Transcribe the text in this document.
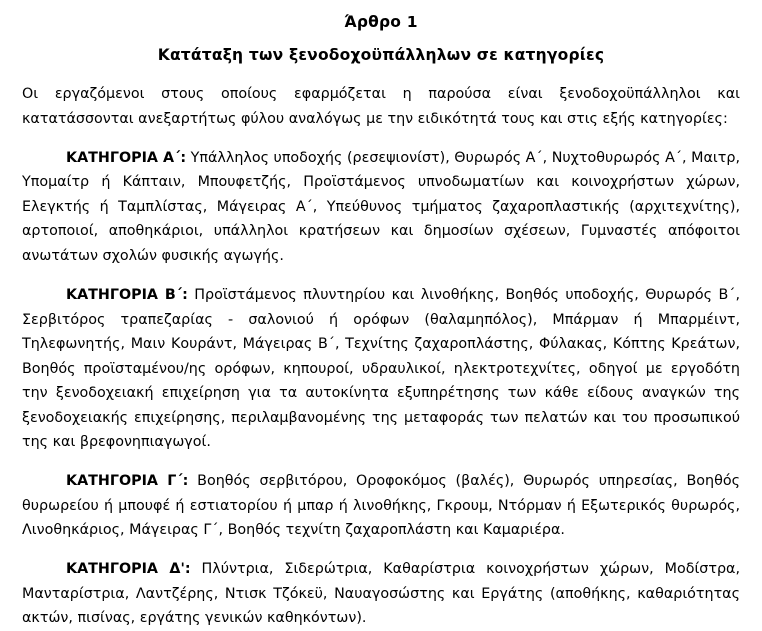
Άρθρο 1
Κατάταξη των ξενοδοχοϋπάλληλων σε κατηγορίες

Οι εργαζόμενοι στους οποίους εφαρμόζεται η παρούσα είναι ξενοδοχοϋπάλληλοι και κατατάσσονται ανεξαρτήτως φύλου αναλόγως με την ειδικότητά τους και στις εξής κατηγορίες:

ΚΑΤΗΓΟΡΙΑ Α΄: Υπάλληλος υποδοχής (ρεσεψιονίστ), Θυρωρός Α΄, Νυχτοθυρωρός Α΄, Μαιτρ, Υπομαίτρ ή Κάπταιν, Μπουφετζής, Προϊστάμενος υπνοδωματίων και κοινοχρήστων χώρων, Ελεγκτής ή Ταμπλίστας, Μάγειρας Α΄, Υπεύθυνος τμήματος ζαχαροπλαστικής (αρχιτεχνίτης), αρτοποιοί, αποθηκάριοι, υπάλληλοι κρατήσεων και δημοσίων σχέσεων, Γυμναστές απόφοιτοι ανωτάτων σχολών φυσικής αγωγής.

ΚΑΤΗΓΟΡΙΑ Β΄: Προϊστάμενος πλυντηρίου και λινοθήκης, Βοηθός υποδοχής, Θυρωρός Β΄, Σερβιτόρος τραπεζαρίας - σαλονιού ή ορόφων (θαλαμηπόλος), Μπάρμαν ή Μπαρμέιντ, Τηλεφωνητής, Μαιν Κουράντ, Μάγειρας Β΄, Τεχνίτης ζαχαροπλάστης, Φύλακας, Κόπτης Κρεάτων, Βοηθός προϊσταμένου/ης ορόφων, κηπουροί, υδραυλικοί, ηλεκτροτεχνίτες, οδηγοί με εργοδότη την ξενοδοχειακή επιχείρηση για τα αυτοκίνητα εξυπηρέτησης των κάθε είδους αναγκών της ξενοδοχειακής επιχείρησης, περιλαμβανομένης της μεταφοράς των πελατών και του προσωπικού της και βρεφονηπιαγωγοί.

ΚΑΤΗΓΟΡΙΑ Γ΄: Βοηθός σερβιτόρου, Οροφοκόμος (βαλές), Θυρωρός υπηρεσίας, Βοηθός θυρωρείου ή μπουφέ ή εστιατορίου ή μπαρ ή λινοθήκης, Γκρουμ, Ντόρμαν ή Εξωτερικός θυρωρός, Λινοθηκάριος, Μάγειρας Γ΄, Βοηθός τεχνίτη ζαχαροπλάστη και Καμαριέρα.

ΚΑΤΗΓΟΡΙΑ Δ': Πλύντρια, Σιδερώτρια, Καθαρίστρια κοινοχρήστων χώρων, Μοδίστρα, Μανταρίστρια, Λαντζέρης, Ντισκ Τζόκεϋ, Ναυαγοσώστης και Εργάτης (αποθήκης, καθαριότητας ακτών, πισίνας, εργάτης γενικών καθηκόντων).
